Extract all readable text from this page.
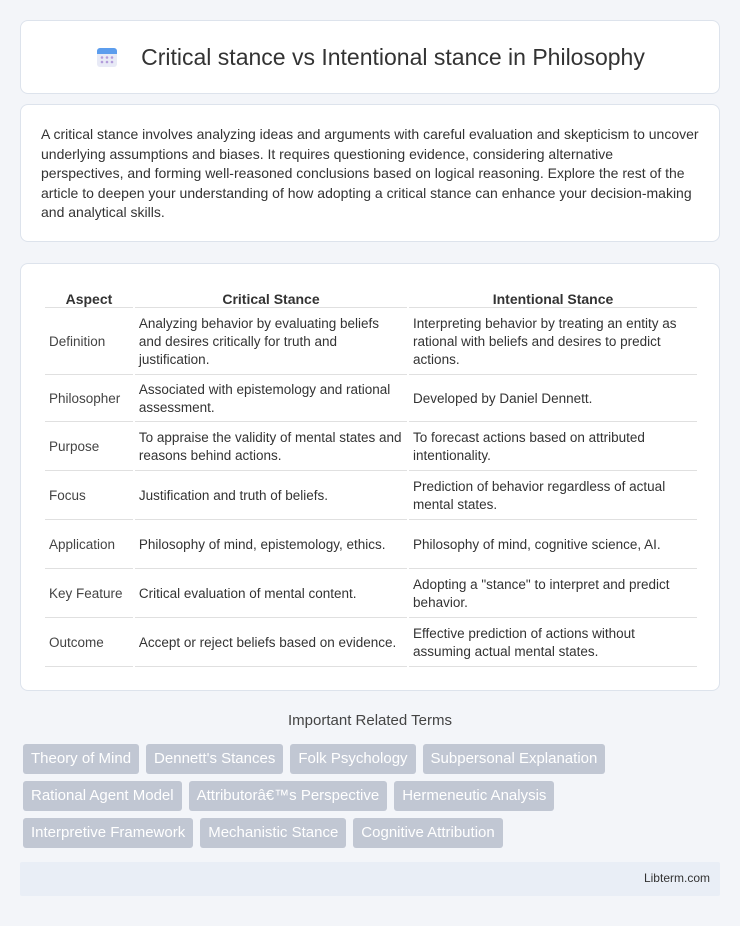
Critical stance vs Intentional stance in Philosophy

A critical stance involves analyzing ideas and arguments with careful evaluation and skepticism to uncover underlying assumptions and biases. It requires questioning evidence, considering alternative perspectives, and forming well-reasoned conclusions based on logical reasoning. Explore the rest of the article to deepen your understanding of how adopting a critical stance can enhance your decision-making and analytical skills.

Aspect	Critical Stance	Intentional Stance
Definition	Analyzing behavior by evaluating beliefs and desires critically for truth and justification.	Interpreting behavior by treating an entity as rational with beliefs and desires to predict actions.
Philosopher	Associated with epistemology and rational assessment.	Developed by Daniel Dennett.
Purpose	To appraise the validity of mental states and reasons behind actions.	To forecast actions based on attributed intentionality.
Focus	Justification and truth of beliefs.	Prediction of behavior regardless of actual mental states.
Application	Philosophy of mind, epistemology, ethics.	Philosophy of mind, cognitive science, AI.
Key Feature	Critical evaluation of mental content.	Adopting a "stance" to interpret and predict behavior.
Outcome	Accept or reject beliefs based on evidence.	Effective prediction of actions without assuming actual mental states.
Important Related Terms
Theory of Mind	Dennett's Stances	Folk Psychology	Subpersonal Explanation
Rational Agent Model	Attributorâ€™s Perspective	Hermeneutic Analysis
Interpretive Framework	Mechanistic Stance	Cognitive Attribution
Libterm.com
